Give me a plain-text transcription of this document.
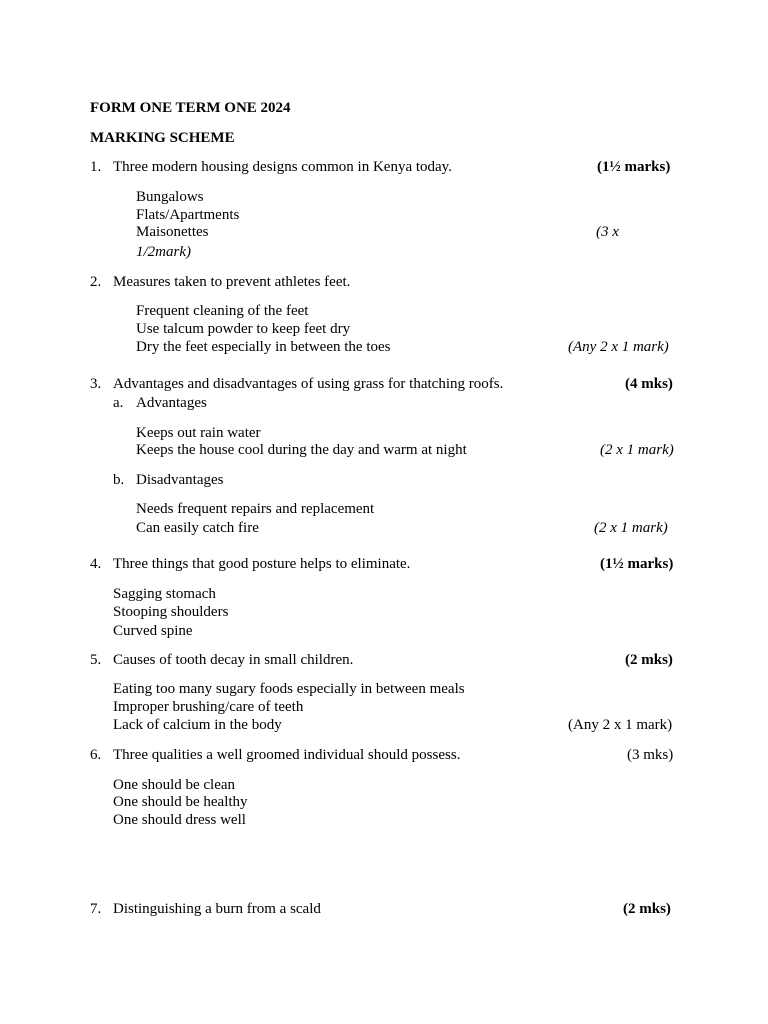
FORM ONE TERM ONE 2024
MARKING SCHEME
1. Three modern housing designs common in Kenya today.	(1½ marks)
Bungalows
Flats/Apartments
Maisonettes	(3 x
1/2mark)
2. Measures taken to prevent athletes feet.
Frequent cleaning of the feet
Use talcum powder to keep feet dry
Dry the feet especially in between the toes	(Any 2 x 1 mark)
3. Advantages and disadvantages of using grass for thatching roofs.	(4 mks)
a. Advantages
Keeps out rain water
Keeps the house cool during the day and warm at night	(2 x 1 mark)
b. Disadvantages
Needs frequent repairs and replacement
Can easily catch fire	(2 x 1 mark)
4. Three things that good posture helps to eliminate.	(1½ marks)
Sagging stomach
Stooping shoulders
Curved spine
5. Causes of tooth decay in small children.	(2 mks)
Eating too many sugary foods especially in between meals
Improper brushing/care of teeth
Lack of calcium in the body	(Any 2 x 1 mark)
6. Three qualities a well groomed individual should possess.	(3 mks)
One should be clean
One should be healthy
One should dress well
7. Distinguishing a burn from a scald	(2 mks)
